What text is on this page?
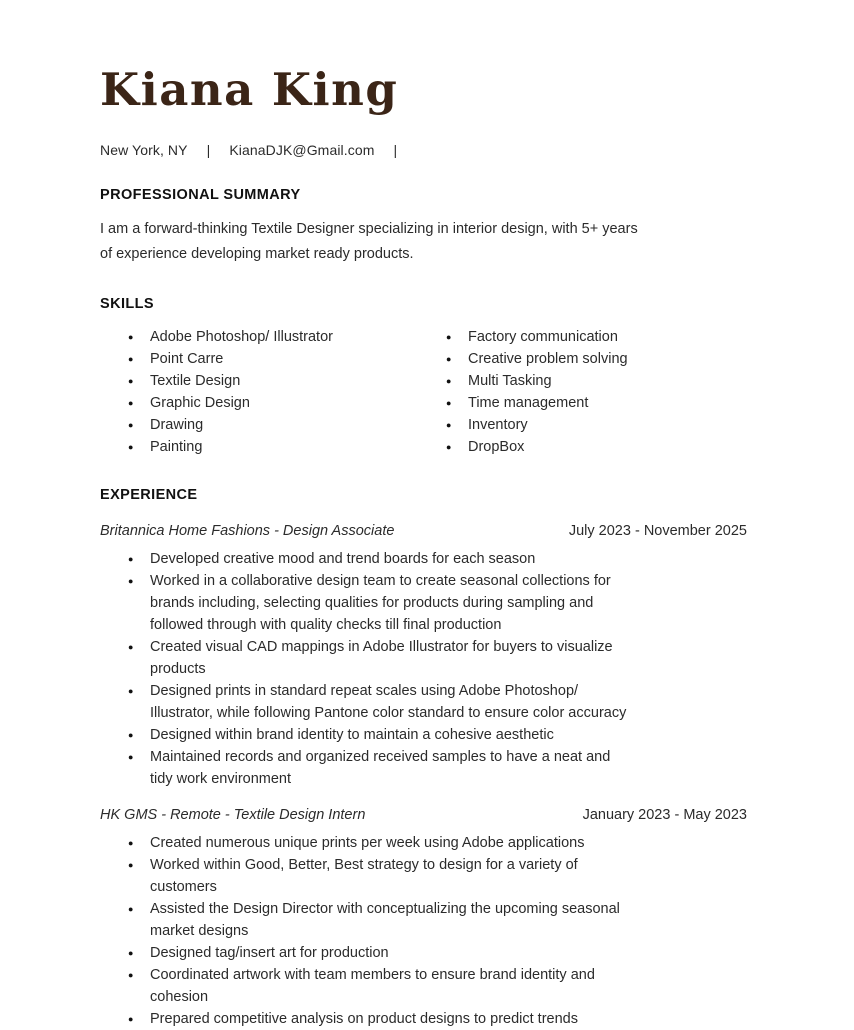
Kiana King
New York, NY | KianaDJK@Gmail.com |
PROFESSIONAL SUMMARY

I am a forward-thinking Textile Designer specializing in interior design, with 5+ years of experience developing market ready products.

SKILLS
● Adobe Photoshop/ Illustrator
● Point Carre
● Textile Design
● Graphic Design
● Drawing
● Painting
● Factory communication
● Creative problem solving
● Multi Tasking
● Time management
● Inventory
● DropBox
EXPERIENCE
Britannica Home Fashions - Design Associate	July 2023 - November 2025
● Developed creative mood and trend boards for each season
● Worked in a collaborative design team to create seasonal collections for brands including, selecting qualities for products during sampling and followed through with quality checks till final production
● Created visual CAD mappings in Adobe Illustrator for buyers to visualize products
● Designed prints in standard repeat scales using Adobe Photoshop/ Illustrator, while following Pantone color standard to ensure color accuracy
● Designed within brand identity to maintain a cohesive aesthetic
● Maintained records and organized received samples to have a neat and tidy work environment
HK GMS - Remote - Textile Design Intern	January 2023 - May 2023
● Created numerous unique prints per week using Adobe applications
● Worked within Good, Better, Best strategy to design for a variety of customers
● Assisted the Design Director with conceptualizing the upcoming seasonal market designs
● Designed tag/insert art for production
● Coordinated artwork with team members to ensure brand identity and cohesion
● Prepared competitive analysis on product designs to predict trends
